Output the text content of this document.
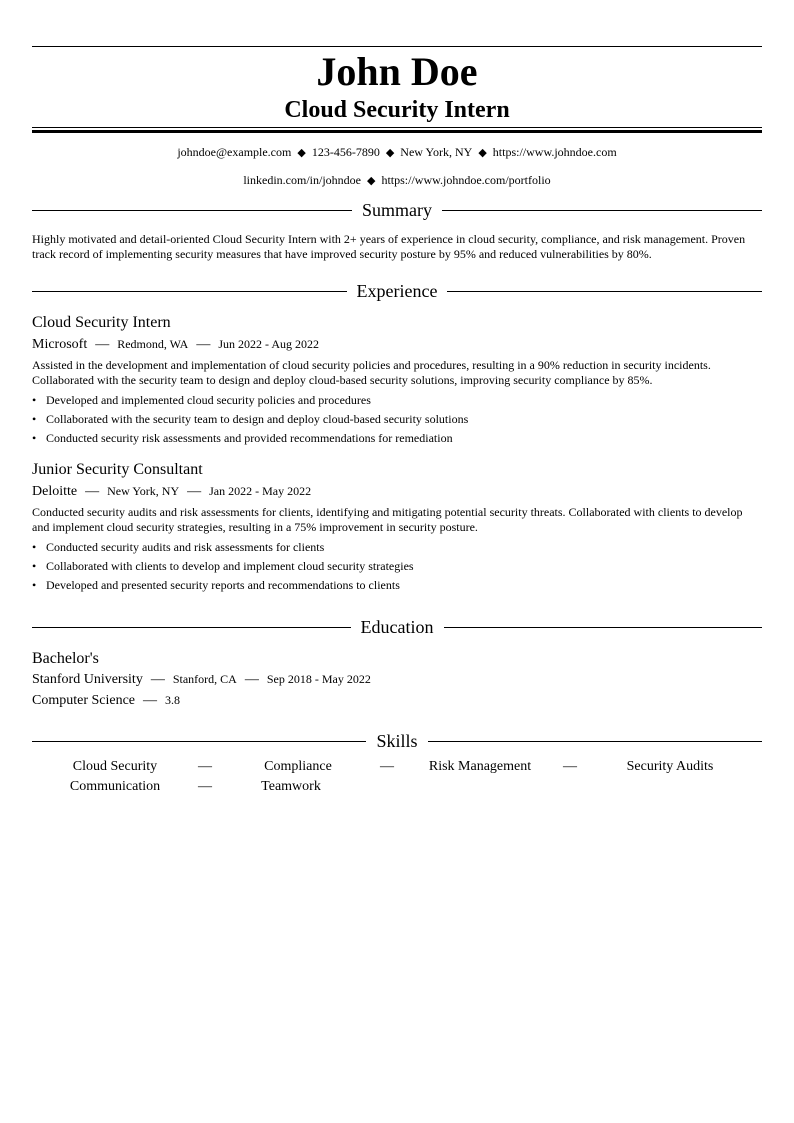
John Doe
Cloud Security Intern
johndoe@example.com ◆ 123-456-7890 ◆ New York, NY ◆ https://www.johndoe.com
linkedin.com/in/johndoe ◆ https://www.johndoe.com/portfolio
Summary
Highly motivated and detail-oriented Cloud Security Intern with 2+ years of experience in cloud security, compliance, and risk management. Proven track record of implementing security measures that have improved security posture by 95% and reduced vulnerabilities by 80%.
Experience
Cloud Security Intern
Microsoft — Redmond, WA — Jun 2022 - Aug 2022
Assisted in the development and implementation of cloud security policies and procedures, resulting in a 90% reduction in security incidents. Collaborated with the security team to design and deploy cloud-based security solutions, improving security compliance by 85%.
• Developed and implemented cloud security policies and procedures
• Collaborated with the security team to design and deploy cloud-based security solutions
• Conducted security risk assessments and provided recommendations for remediation
Junior Security Consultant
Deloitte — New York, NY — Jan 2022 - May 2022
Conducted security audits and risk assessments for clients, identifying and mitigating potential security threats. Collaborated with clients to develop and implement cloud security strategies, resulting in a 75% improvement in security posture.
• Conducted security audits and risk assessments for clients
• Collaborated with clients to develop and implement cloud security strategies
• Developed and presented security reports and recommendations to clients
Education
Bachelor's
Stanford University — Stanford, CA — Sep 2018 - May 2022
Computer Science — 3.8
Skills
Cloud Security	—	Compliance	—	Risk Management	—	Security Audits
Communication	—	Teamwork
